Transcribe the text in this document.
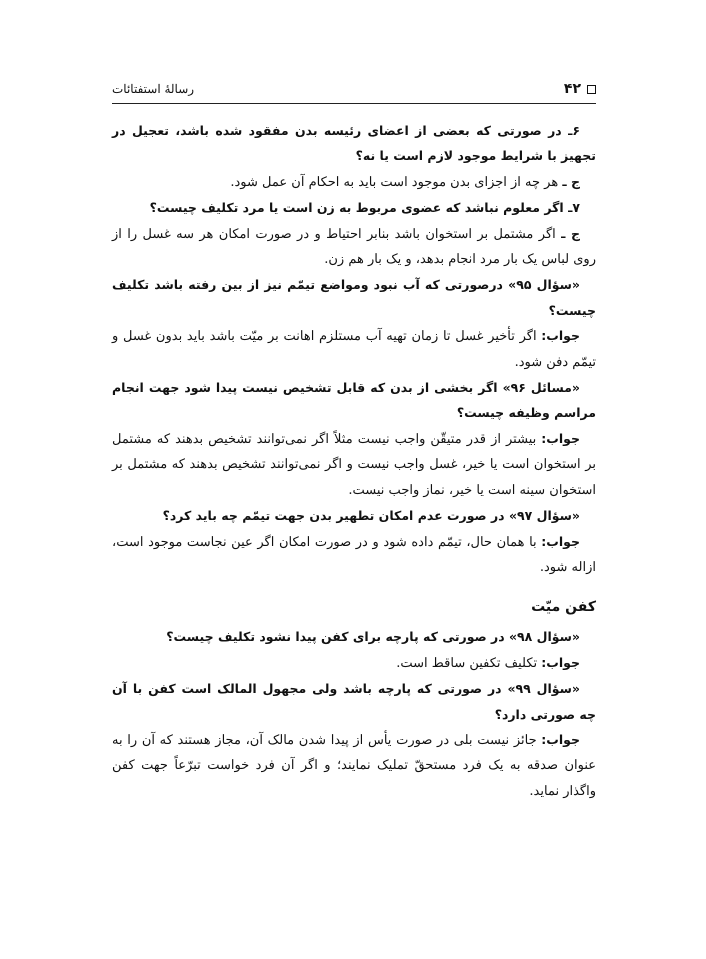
۴۲
رسالۀ استفتائات

۶ـ در صورتی که بعضی از اعضای رئیسه بدن مفقود شده باشد، تعجیل در تجهیز با شرایط موجود لازم است یا نه؟

ج ـ هر چه از اجزای بدن موجود است باید به احکام آن عمل شود.

۷ـ اگر معلوم نباشد که عضوی مربوط به زن است یا مرد تکلیف چیست؟

ج ـ اگر مشتمل بر استخوان باشد بنابر احتیاط و در صورت امکان هر سه غسل را از روی لباس یک بار مرد انجام بدهد، و یک بار هم زن.

«سؤال ۹۵» درصورتی که آب نبود ومواضع تیمّم نیز از بین رفته باشد تکلیف چیست؟

جواب: اگر تأخیر غسل تا زمان تهیه آب مستلزم اهانت بر میّت باشد باید بدون غسل و تیمّم دفن شود.

«مسائل ۹۶» اگر بخشی از بدن که قابل تشخیص نیست پیدا شود جهت انجام مراسم وظیفه چیست؟

جواب: بیشتر از قدر متیقّن واجب نیست مثلاً اگر نمی‌توانند تشخیص بدهند که مشتمل بر استخوان است یا خیر، غسل واجب نیست و اگر نمی‌توانند تشخیص بدهند که مشتمل بر استخوان سینه است یا خیر، نماز واجب نیست.

«سؤال ۹۷» در صورت عدم امکان تطهیر بدن جهت تیمّم چه باید کرد؟

جواب: با همان حال، تیمّم داده شود و در صورت امکان اگر عین نجاست موجود است، ازاله شود.

کفن میّت

«سؤال ۹۸» در صورتی که پارچه برای کفن پیدا نشود تکلیف چیست؟

جواب: تکلیف تکفین ساقط است.

«سؤال ۹۹» در صورتی که پارچه باشد ولی مجهول المالک است کفن با آن چه صورتی دارد؟

جواب: جائز نیست بلی در صورت یأس از پیدا شدن مالک آن، مجاز هستند که آن را به عنوان صدقه به یک فرد مستحقّ تملیک نمایند؛ و اگر آن فرد خواست تبرّعاً جهت کفن واگذار نماید.
